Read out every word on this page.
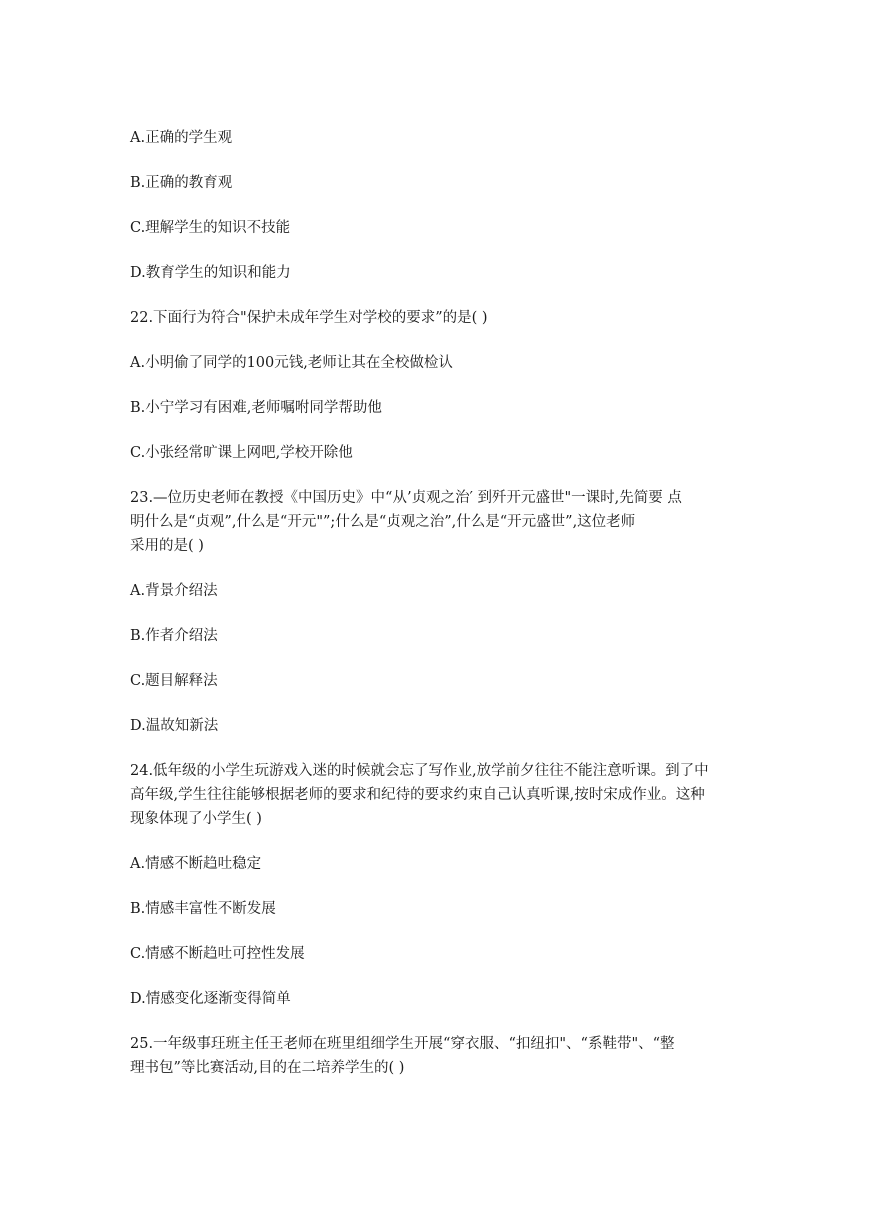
A.正确的学生观

B.正确的教育观

C.理解学生的知识不技能

D.教育学生的知识和能力

22.下面行为符合"保护未成年学生对学校的要求”的是( )

A.小明偷了同学的100元钱,老师让其在全校做检认

B.小宁学习有困难,老师嘱咐同学帮助他

C.小张经常旷课上网吧,学校开除他

23.—位历史老师在教授《中国历史》中“从’贞观之治′ 到歼开元盛世"一课时,先简要 点

明什么是“贞观”,什么是“开元"”;什么是“贞观之治”,什么是“开元盛世”,这位老师

采用的是( )

A.背景介绍法

B.作者介绍法

C.题目解释法

D.温故知新法

24.低年级的小学生玩游戏入迷的时候就会忘了写作业,放学前夕往往不能注意听课。到了中

高年级,学生往往能够根据老师的要求和纪待的要求约束自己认真听课,按时宋成作业。这种

现象体现了小学生( )

A.情感不断趋吐稳定

B.情感丰富性不断发展

C.情感不断趋吐可控性发展

D.情感变化逐渐变得简单

25.一年级事玨班主任王老师在班里组细学生开展“穿衣服、“扣纽扣"、“系鞋带"、“整

理书包”等比赛活动,目的在二培养学生的( )
